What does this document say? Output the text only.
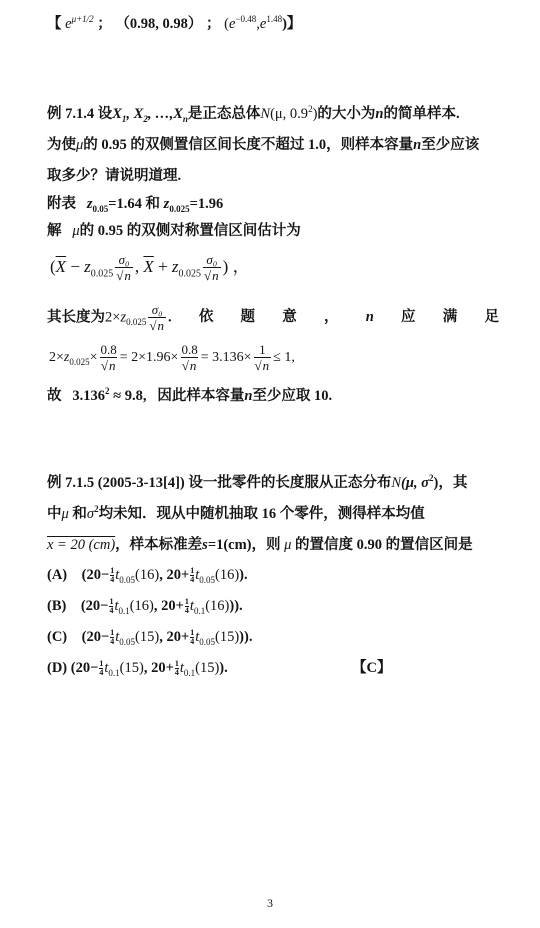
【 $e^{\mu+1/2}$ ； （0.98, 0.98） ； $(e^{-0.48},e^{1.48})$】
例 7.1.4 设$X_1$, $X_2$, $\dots,X_n$是正态总体N(μ, $0.9^2$)的大小为n的简单样本.
为使μ的 0.95 的双侧置信区间长度不超过 1.0，则样本容量n至少应该
取多少？请说明道理.
附表 $z_{0.05}=1.64$ 和 $z_{0.025}=1.96$
解 μ的 0.95 的双侧对称置信区间估计为
($\overline{X} - z_{0.025} \frac{\text{σ₀}}{√n}$ , $\overline{X} + z_{0.025} \frac{\text{σ₀}}{√n}$ ) ，
其长度为$2\times z_{0.025} \frac{\text{σ₀}}{√n}$ . 依 题 意 ， n 应 满 足
$2\times z_{0.025}\times \frac{0.8}{√n} = 2\times 1.96\times \frac{0.8}{√n} = 3.136\times \frac{1}{√n} \le 1$,
故 $3.136^2 \approx 9.8$, 因此样本容量n至少应取 10.
例 7.1.5 (2005-3-13[4]) 设一批零件的长度服从正态分布N(μ, $\sigma^2$)，其
中μ 和$\sigma^2$均未知．现从中随机抽取 16 个零件，测得样本均值
x = 20 (cm)，样本标准差s=1(cm)，则 μ 的置信度 0.90 的置信区间是
(A) ($20- \frac{1}{4} t_{0.05}(16)$, $20+ \frac{1}{4} t_{0.05}(16)$).
(B) ($20- \frac{1}{4} t_{0.1}(16)$, $20+ \frac{1}{4} t_{0.1}(16)$)).
(C) ($20- \frac{1}{4} t_{0.05}(15)$, $20+ \frac{1}{4} t_{0.05}(15)$)).
(D) ($20- \frac{1}{4} t_{0.1}(15)$, $20+ \frac{1}{4} t_{0.1}(15)$).	【C】
3
